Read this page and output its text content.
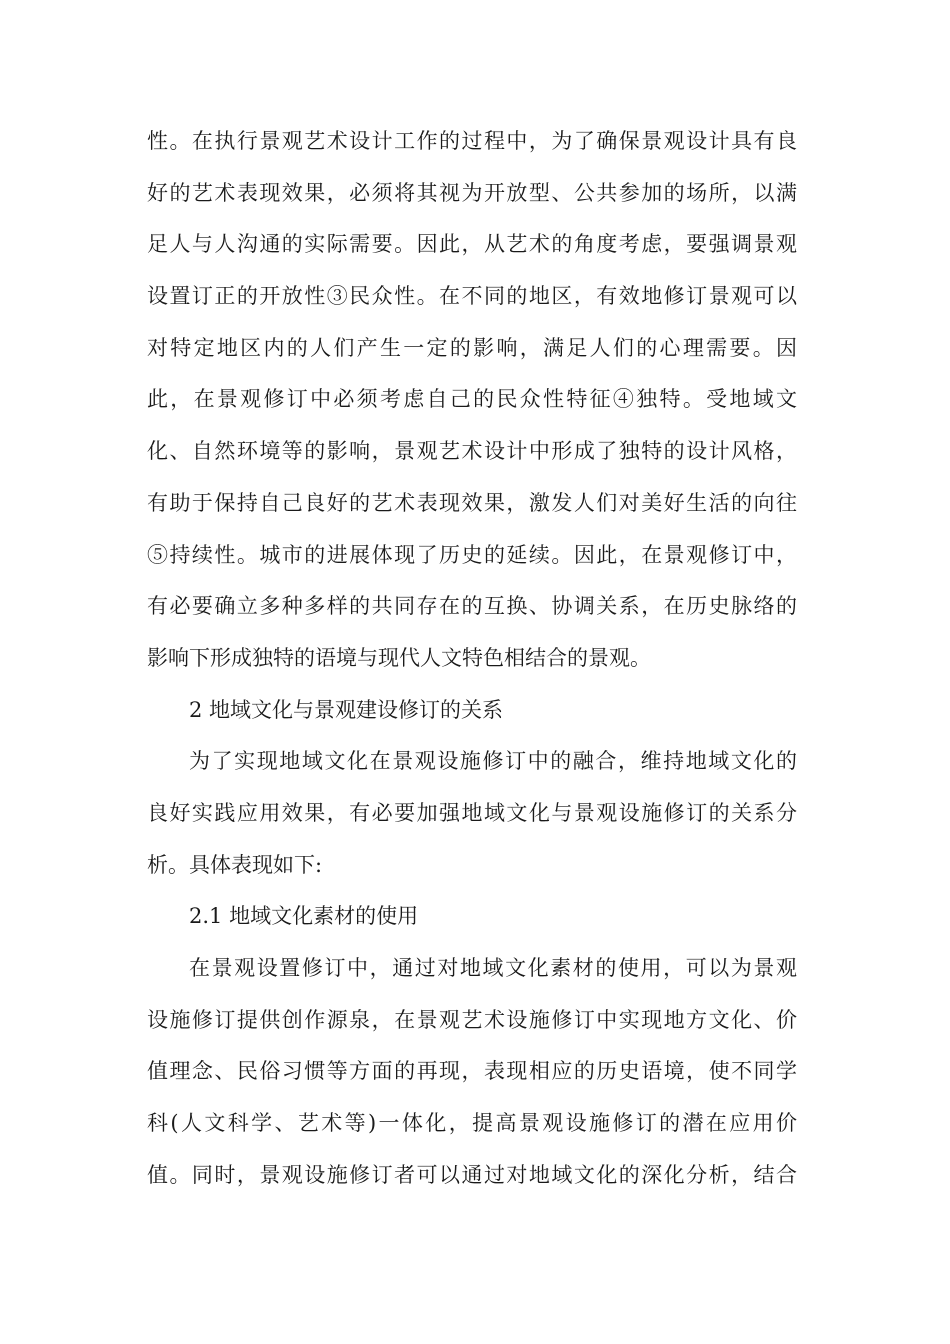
性。在执行景观艺术设计工作的过程中，为了确保景观设计具有良
好的艺术表现效果，必须将其视为开放型、公共参加的场所，以满
足人与人沟通的实际需要。因此，从艺术的角度考虑，要强调景观
设置订正的开放性③民众性。在不同的地区，有效地修订景观可以
对特定地区内的人们产生一定的影响，满足人们的心理需要。因
此，在景观修订中必须考虑自己的民众性特征④独特。受地域文
化、自然环境等的影响，景观艺术设计中形成了独特的设计风格，
有助于保持自己良好的艺术表现效果，激发人们对美好生活的向往
⑤持续性。城市的进展体现了历史的延续。因此，在景观修订中，
有必要确立多种多样的共同存在的互换、协调关系，在历史脉络的
影响下形成独特的语境与现代人文特色相结合的景观。
2 地域文化与景观建设修订的关系
为了实现地域文化在景观设施修订中的融合，维持地域文化的
良好实践应用效果，有必要加强地域文化与景观设施修订的关系分
析。具体表现如下:
2.1 地域文化素材的使用
在景观设置修订中，通过对地域文化素材的使用，可以为景观
设施修订提供创作源泉，在景观艺术设施修订中实现地方文化、价
值理念、民俗习惯等方面的再现，表现相应的历史语境，使不同学
科(人文科学、艺术等)一体化，提高景观设施修订的潜在应用价
值。同时，景观设施修订者可以通过对地域文化的深化分析，结合
